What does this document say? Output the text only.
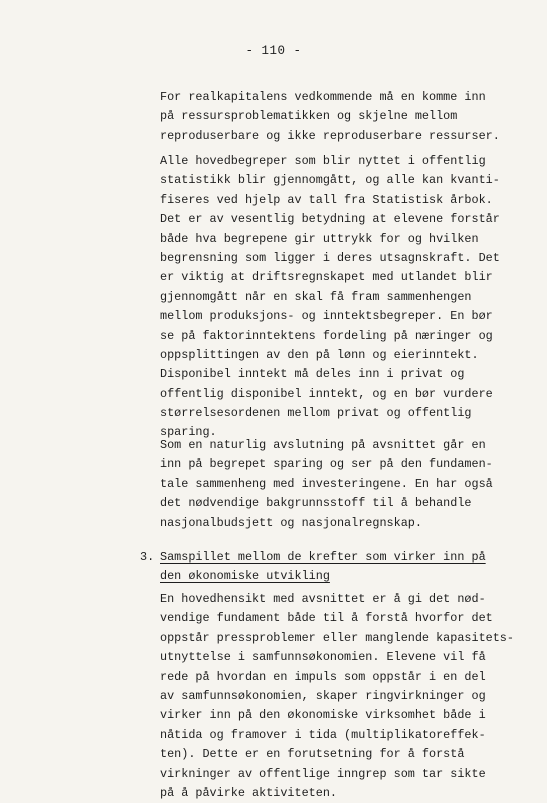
- 110 -
For realkapitalens vedkommende må en komme inn
på ressursproblematikken og skjelne mellom
reproduserbare og ikke reproduserbare ressurser.
Alle hovedbegreper som blir nyttet i offentlig
statistikk blir gjennomgått, og alle kan kvanti-
fiseres ved hjelp av tall fra Statistisk årbok.
Det er av vesentlig betydning at elevene forstår
både hva begrepene gir uttrykk for og hvilken
begrensning som ligger i deres utsagnskraft. Det
er viktig at driftsregnskapet med utlandet blir
gjennomgått når en skal få fram sammenhengen
mellom produksjons- og inntektsbegreper. En bør
se på faktorinntektens fordeling på næringer og
oppsplittingen av den på lønn og eierinntekt.
Disponibel inntekt må deles inn i privat og
offentlig disponibel inntekt, og en bør vurdere
størrelsesordenen mellom privat og offentlig
sparing.
Som en naturlig avslutning på avsnittet går en
inn på begrepet sparing og ser på den fundamen-
tale sammenheng med investeringene. En har også
det nødvendige bakgrunnsstoff til å behandle
nasjonalbudsjett og nasjonalregnskap.
3. Samspillet mellom de krefter som virker inn på
den økonomiske utvikling
En hovedhensikt med avsnittet er å gi det nød-
vendige fundament både til å forstå hvorfor det
oppstår pressproblemer eller manglende kapasitets-
utnyttelse i samfunnsøkonomien. Elevene vil få
rede på hvordan en impuls som oppstår i en del
av samfunnsøkonomien, skaper ringvirkninger og
virker inn på den økonomiske virksomhet både i
nåtida og framover i tida (multiplikatoreffek-
ten). Dette er en forutsetning for å forstå
virkninger av offentlige inngrep som tar sikte
på å påvirke aktiviteten.
